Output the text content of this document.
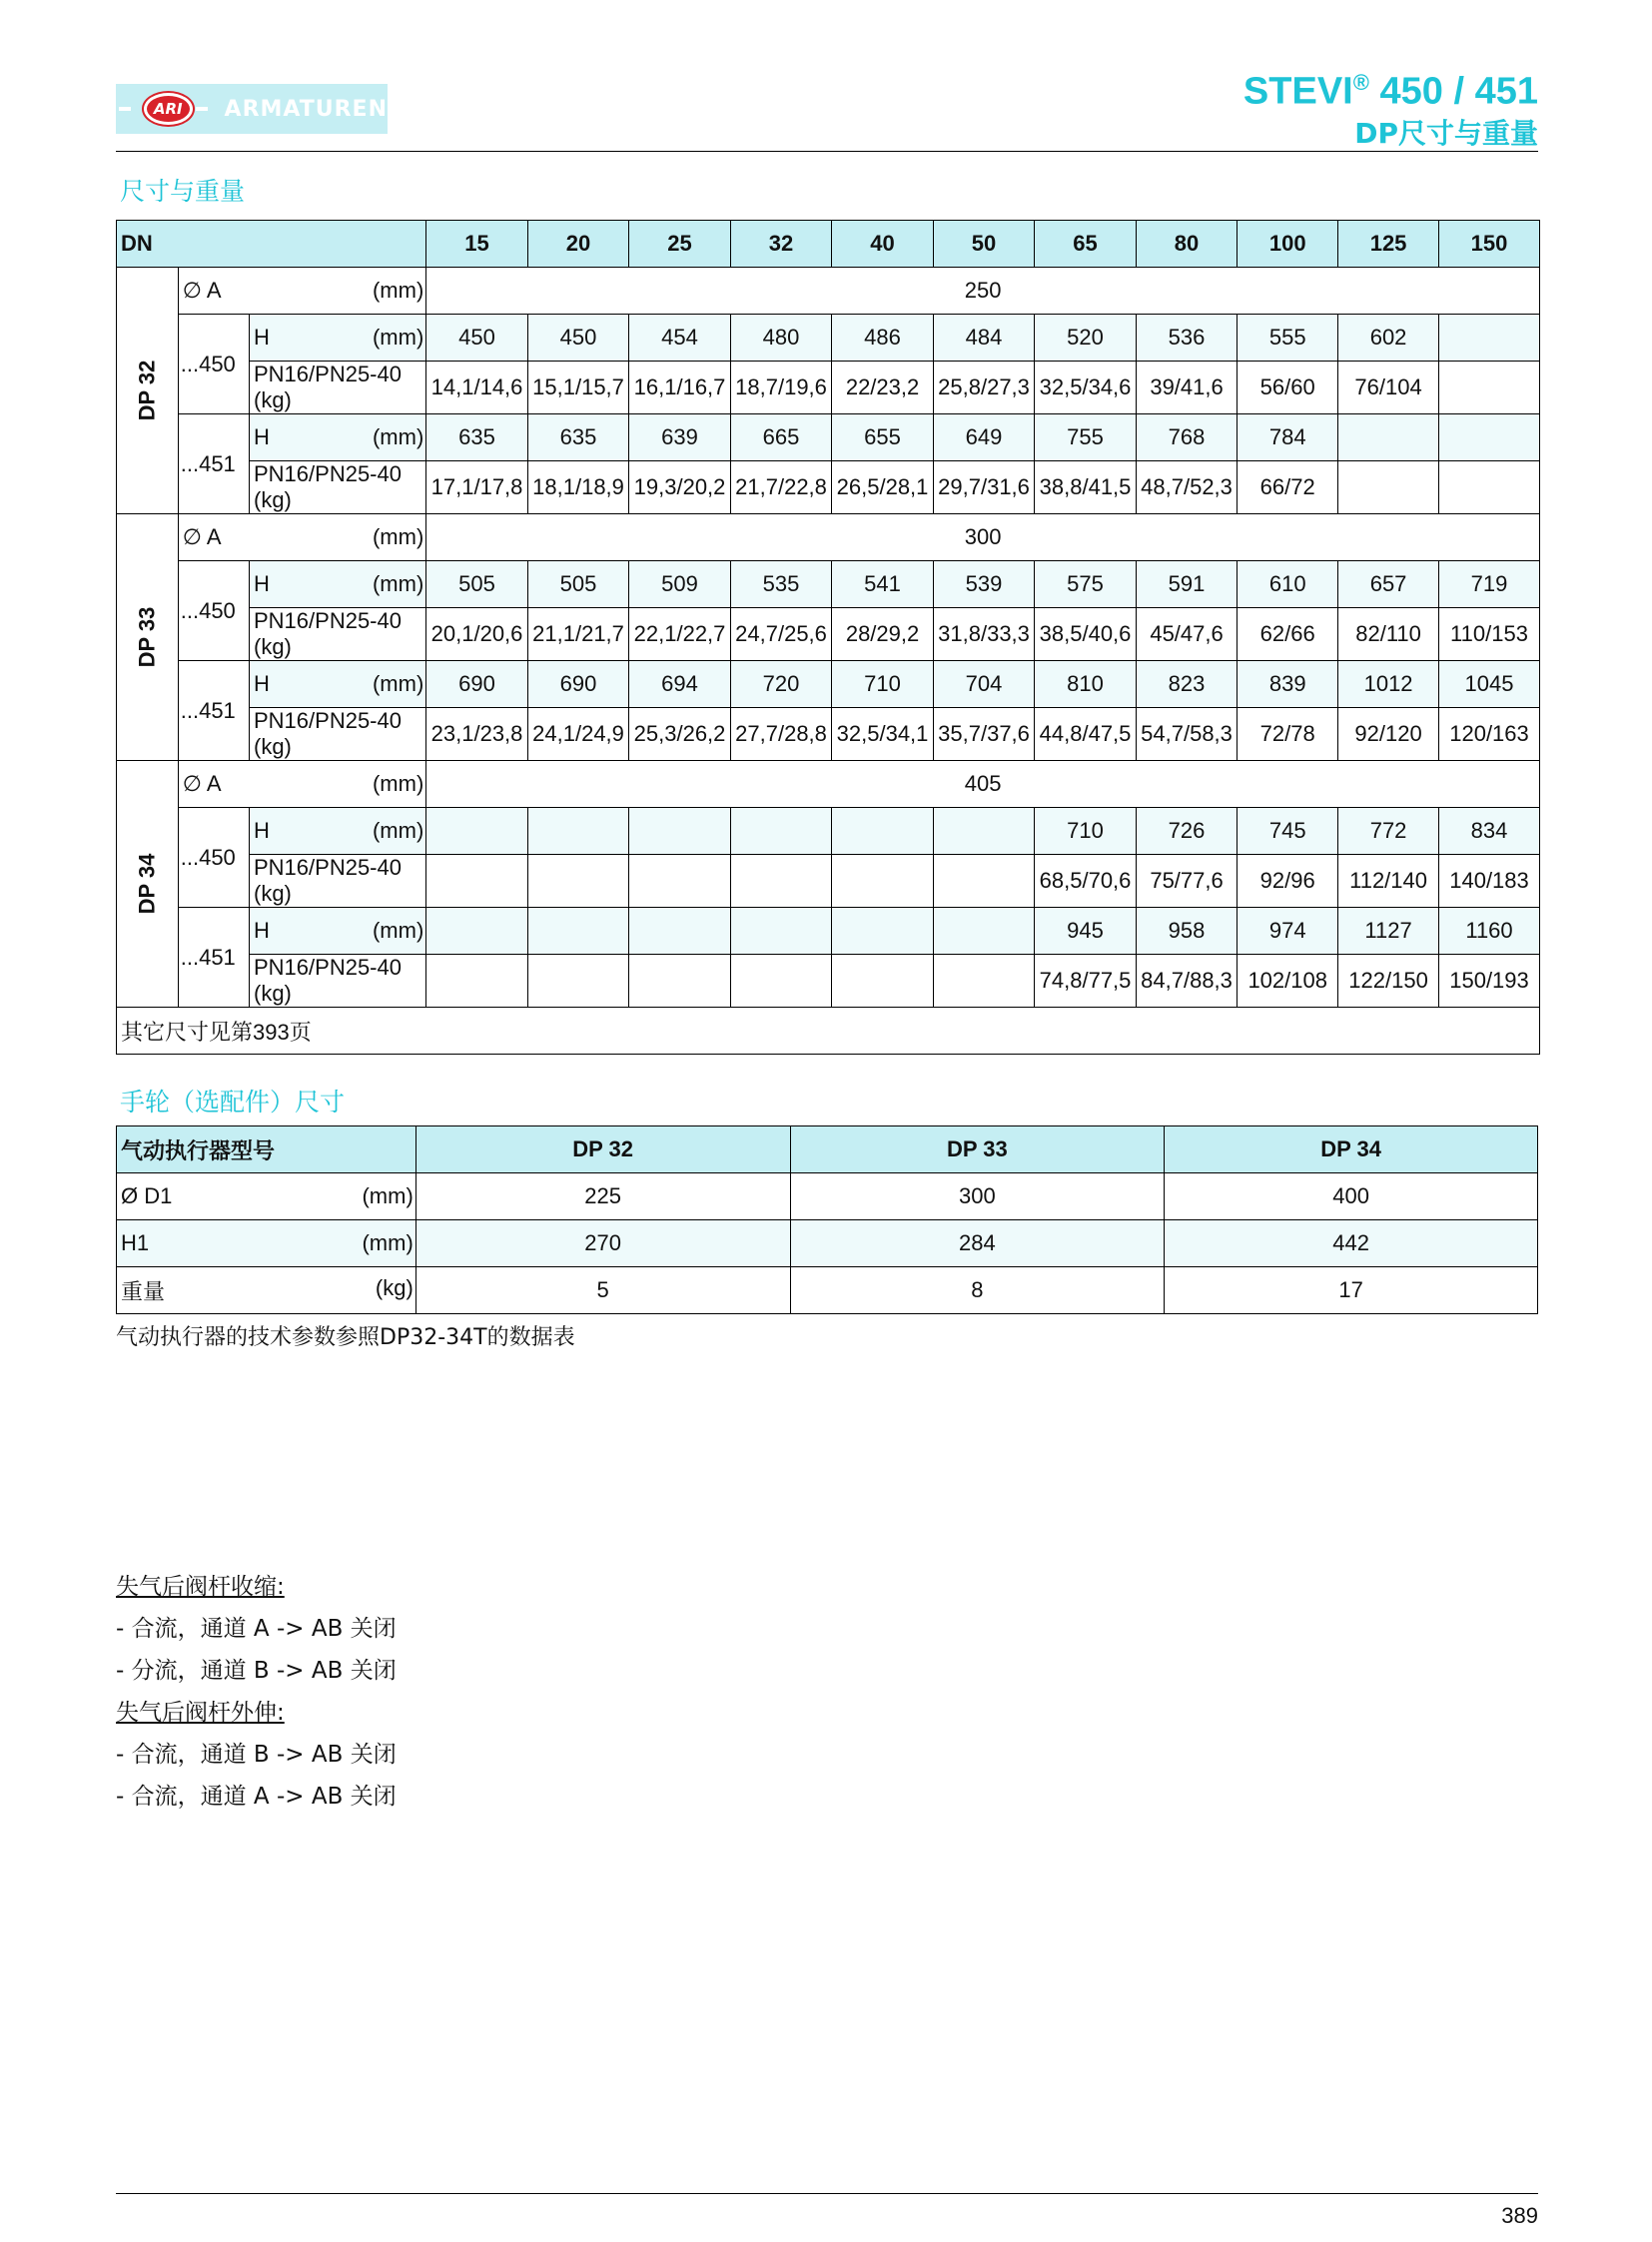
ARI	ARMATUREN	STEVI® 450 / 451
DP尺寸与重量
尺寸与重量
DN			15	20	25	32	40	50	65	80	100	125	150
DP 32	∅ A (mm)		250										
	...450	H (mm)	450	450	454	480	486	484	520	536	555	602	
		PN16/PN25-40 (kg)	14,1/14,6	15,1/15,7	16,1/16,7	18,7/19,6	22/23,2	25,8/27,3	32,5/34,6	39/41,6	56/60	76/104	
	...451	H (mm)	635	635	639	665	655	649	755	768	784		
		PN16/PN25-40 (kg)	17,1/17,8	18,1/18,9	19,3/20,2	21,7/22,8	26,5/28,1	29,7/31,6	38,8/41,5	48,7/52,3	66/72		
DP 33	∅ A (mm)		300										
	...450	H (mm)	505	505	509	535	541	539	575	591	610	657	719
		PN16/PN25-40 (kg)	20,1/20,6	21,1/21,7	22,1/22,7	24,7/25,6	28/29,2	31,8/33,3	38,5/40,6	45/47,6	62/66	82/110	110/153
	...451	H (mm)	690	690	694	720	710	704	810	823	839	1012	1045
		PN16/PN25-40 (kg)	23,1/23,8	24,1/24,9	25,3/26,2	27,7/28,8	32,5/34,1	35,7/37,6	44,8/47,5	54,7/58,3	72/78	92/120	120/163
DP 34	∅ A (mm)		405										
	...450	H (mm)							710	726	745	772	834
		PN16/PN25-40 (kg)							68,5/70,6	75/77,6	92/96	112/140	140/183
	...451	H (mm)							945	958	974	1127	1160
		PN16/PN25-40 (kg)							74,8/77,5	84,7/88,3	102/108	122/150	150/193
其它尺寸见第393页													
手轮（选配件）尺寸
气动执行器型号	DP 32	DP 33	DP 34
Ø D1 (mm)	225	300	400
H1 (mm)	270	284	442
重量 (kg)	5	8	17
气动执行器的技术参数参照DP32-34T的数据表
失气后阀杆收缩:
- 合流，通道 A -> AB 关闭
- 分流，通道 B -> AB 关闭
失气后阀杆外伸:
- 合流，通道 B -> AB 关闭
- 合流，通道 A -> AB 关闭
389
